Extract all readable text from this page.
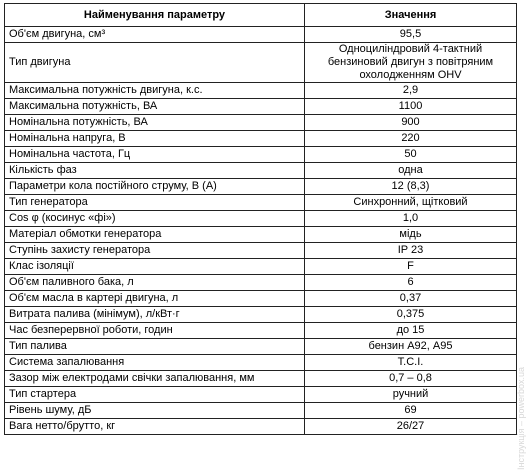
Найменування параметру	Значення
Об'єм двигуна, см³	95,5
Тип двигуна	Одноциліндровий 4-тактний бензиновий двигун з повітряним охолодженням OHV
Максимальна потужність двигуна, к.с.	2,9
Максимальна потужність, ВА	1100
Номінальна потужність, ВА	900
Номінальна напруга, В	220
Номінальна частота, Гц	50
Кількість фаз	одна
Параметри кола постійного струму, В (А)	12 (8,3)
Тип генератора	Синхронний, щітковий
Cos φ (косинус «фі»)	1,0
Матеріал обмотки генератора	мідь
Ступінь захисту генератора	IP 23
Клас ізоляції	F
Об'єм паливного бака, л	6
Об'єм масла в картері двигуна, л	0,37
Витрата палива (мінімум), л/кВт·г	0,375
Час безперервної роботи, годин	до 15
Тип палива	бензин А92, А95
Система запалювання	T.C.I.
Зазор між електродами свічки запалювання, мм	0,7 – 0,8
Тип стартера	ручний
Рівень шуму, дБ	69
Вага нетто/брутто, кг	26/27	Інструкція – powerbox.ua
